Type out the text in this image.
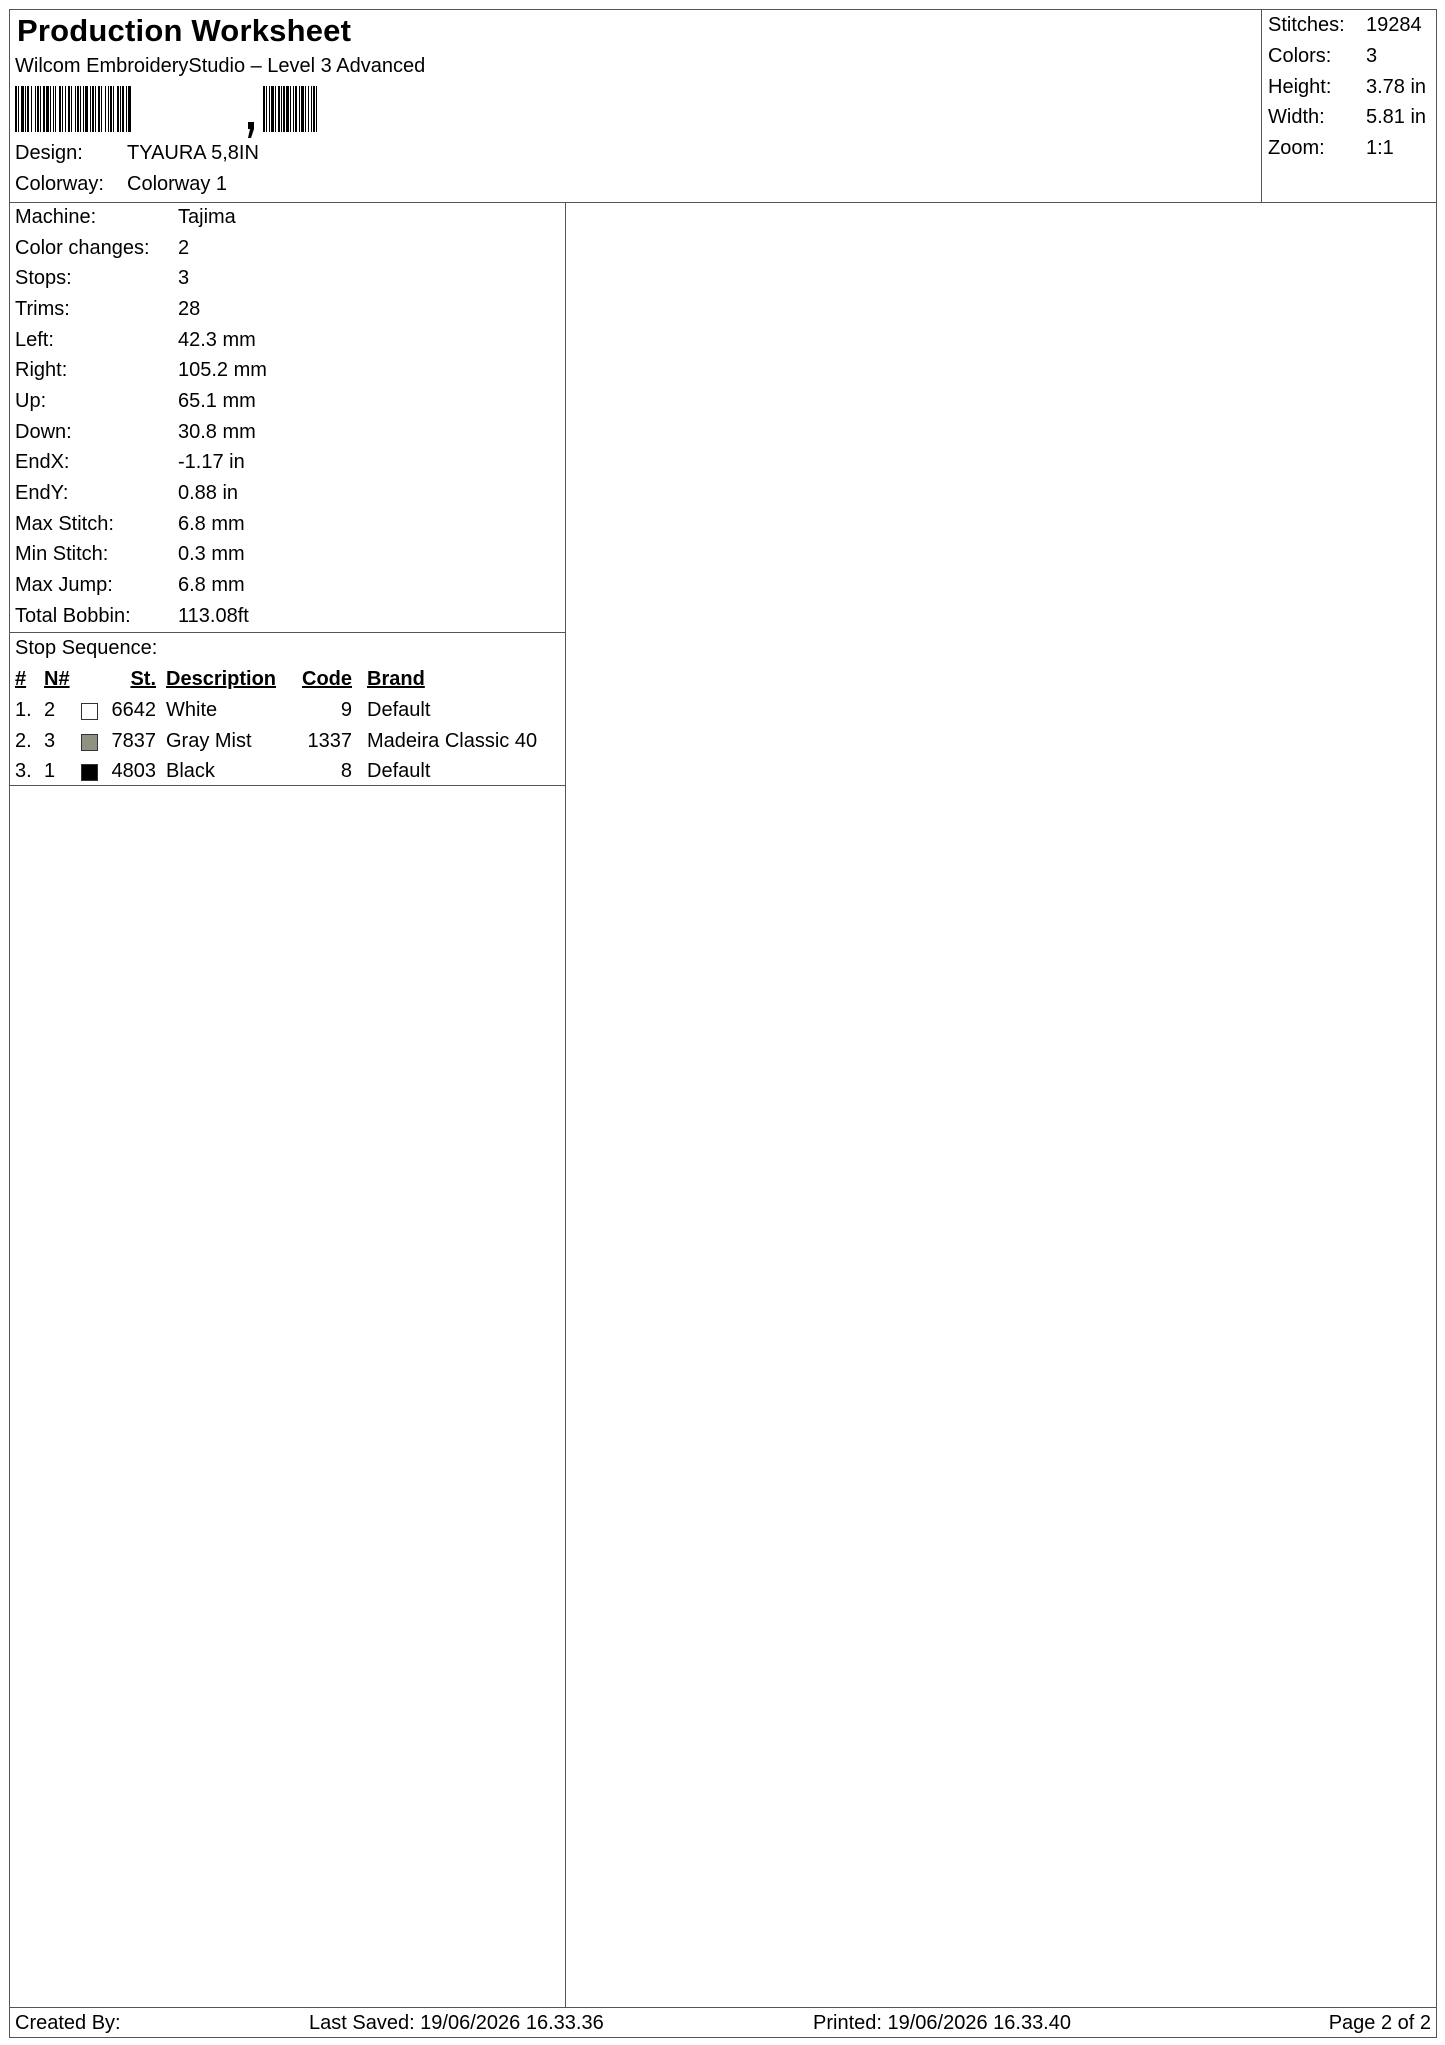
Production Worksheet
Wilcom EmbroideryStudio – Level 3 Advanced
Design: TYAURA 5,8IN
Colorway: Colorway 1
Stitches: 19284
Colors: 3
Height: 3.78 in
Width: 5.81 in
Zoom: 1:1
Machine:	Tajima
Color changes: 2
Stops:	3
Trims:	28
Left:	42.3 mm
Right:	105.2 mm
Up:	65.1 mm
Down:	30.8 mm
EndX:	-1.17 in
EndY:	0.88 in
Max Stitch:	6.8 mm
Min Stitch:	0.3 mm
Max Jump:	6.8 mm
Total Bobbin: 113.08ft
Stop Sequence:
# N#	St. Description Code Brand
1. 2	6642 White	9 Default
2. 3	7837 Gray Mist	1337 Madeira Classic 40
3. 1	4803 Black	8 Default
Created By:	Last Saved: 19/06/2026 16.33.36	Printed: 19/06/2026 16.33.40	Page 2 of 2
